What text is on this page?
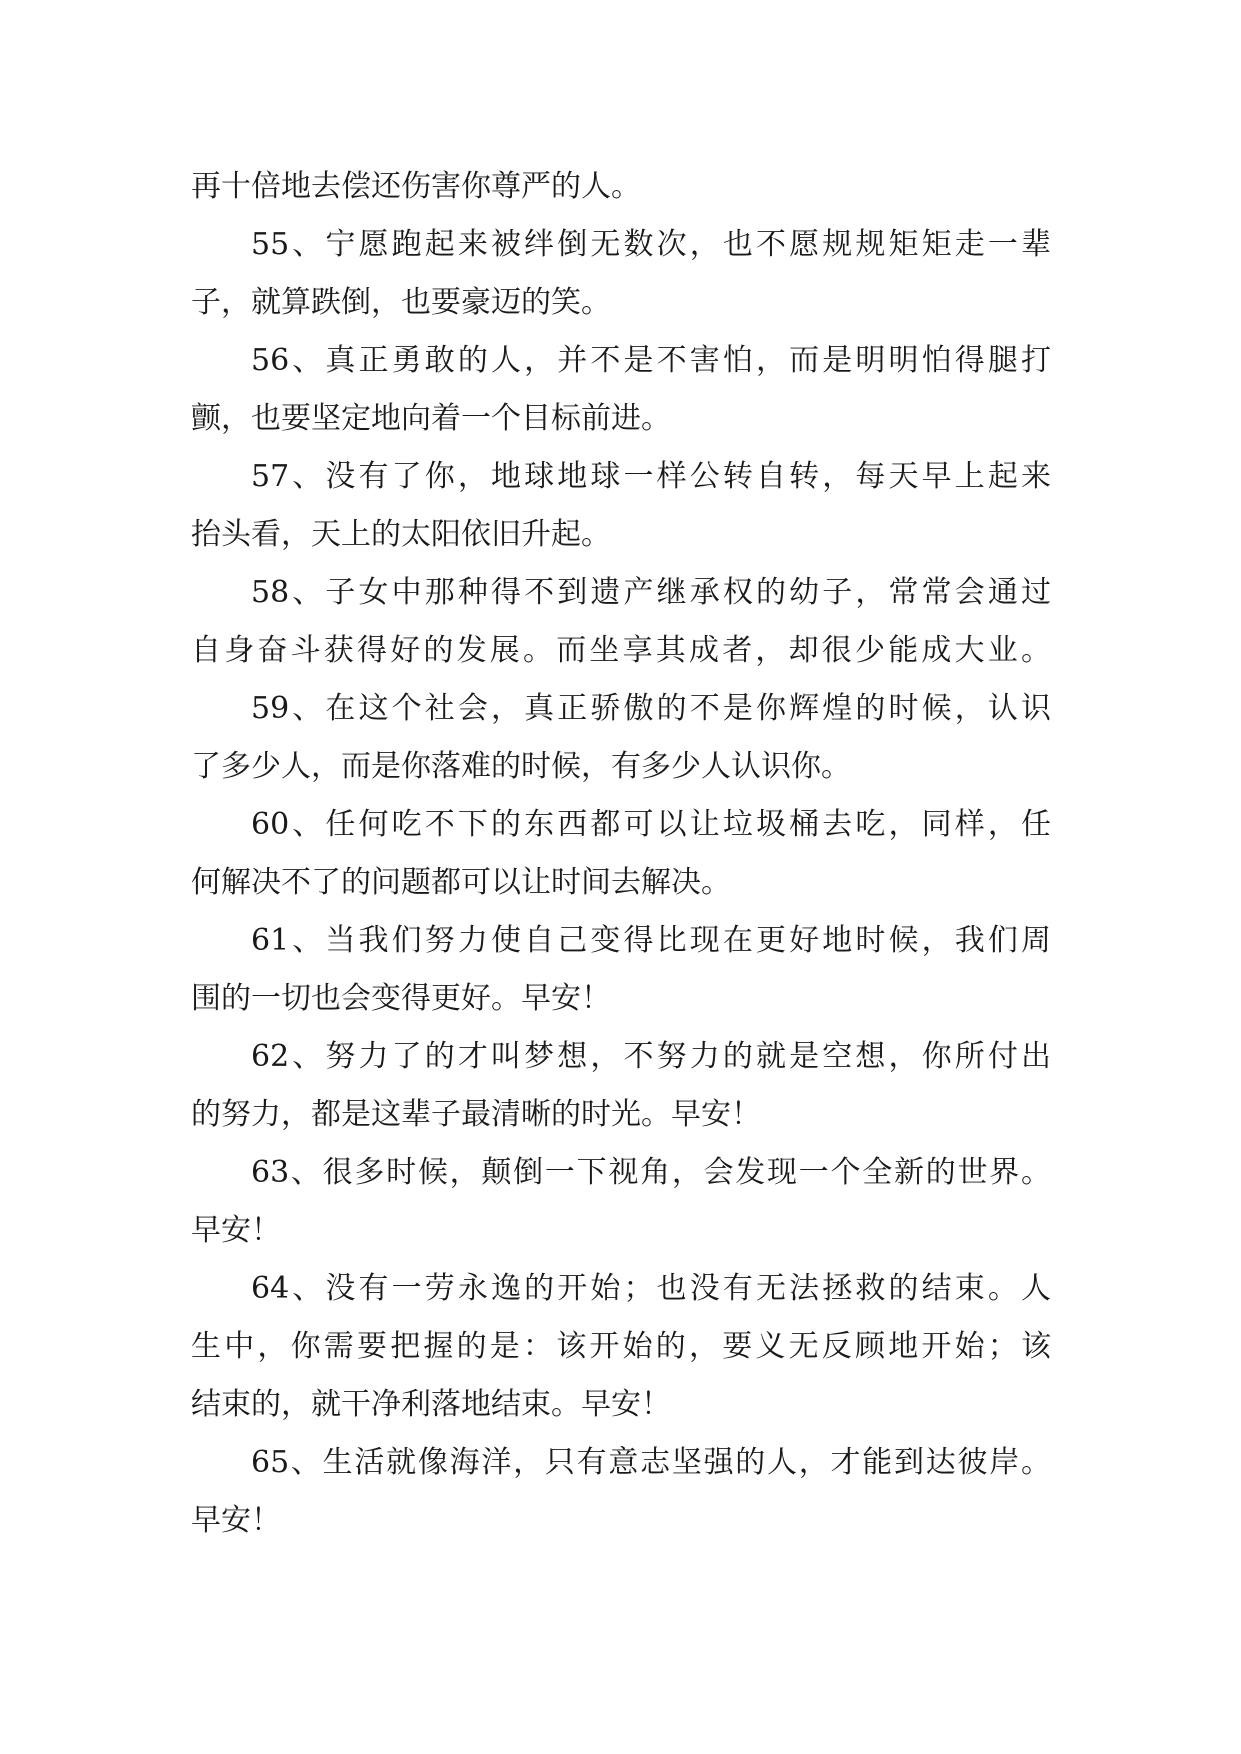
再十倍地去偿还伤害你尊严的人。
55、宁愿跑起来被绊倒无数次，也不愿规规矩矩走一辈
子，就算跌倒，也要豪迈的笑。
56、真正勇敢的人，并不是不害怕，而是明明怕得腿打
颤，也要坚定地向着一个目标前进。
57、没有了你，地球地球一样公转自转，每天早上起来
抬头看，天上的太阳依旧升起。
58、子女中那种得不到遗产继承权的幼子，常常会通过
自身奋斗获得好的发展。而坐享其成者，却很少能成大业。
59、在这个社会，真正骄傲的不是你辉煌的时候，认识
了多少人，而是你落难的时候，有多少人认识你。
60、任何吃不下的东西都可以让垃圾桶去吃，同样，任
何解决不了的问题都可以让时间去解决。
61、当我们努力使自己变得比现在更好地时候，我们周
围的一切也会变得更好。早安！
62、努力了的才叫梦想，不努力的就是空想，你所付出
的努力，都是这辈子最清晰的时光。早安！
63、很多时候，颠倒一下视角，会发现一个全新的世界。
早安！
64、没有一劳永逸的开始；也没有无法拯救的结束。人
生中，你需要把握的是：该开始的，要义无反顾地开始；该
结束的，就干净利落地结束。早安！
65、生活就像海洋，只有意志坚强的人，才能到达彼岸。
早安！
